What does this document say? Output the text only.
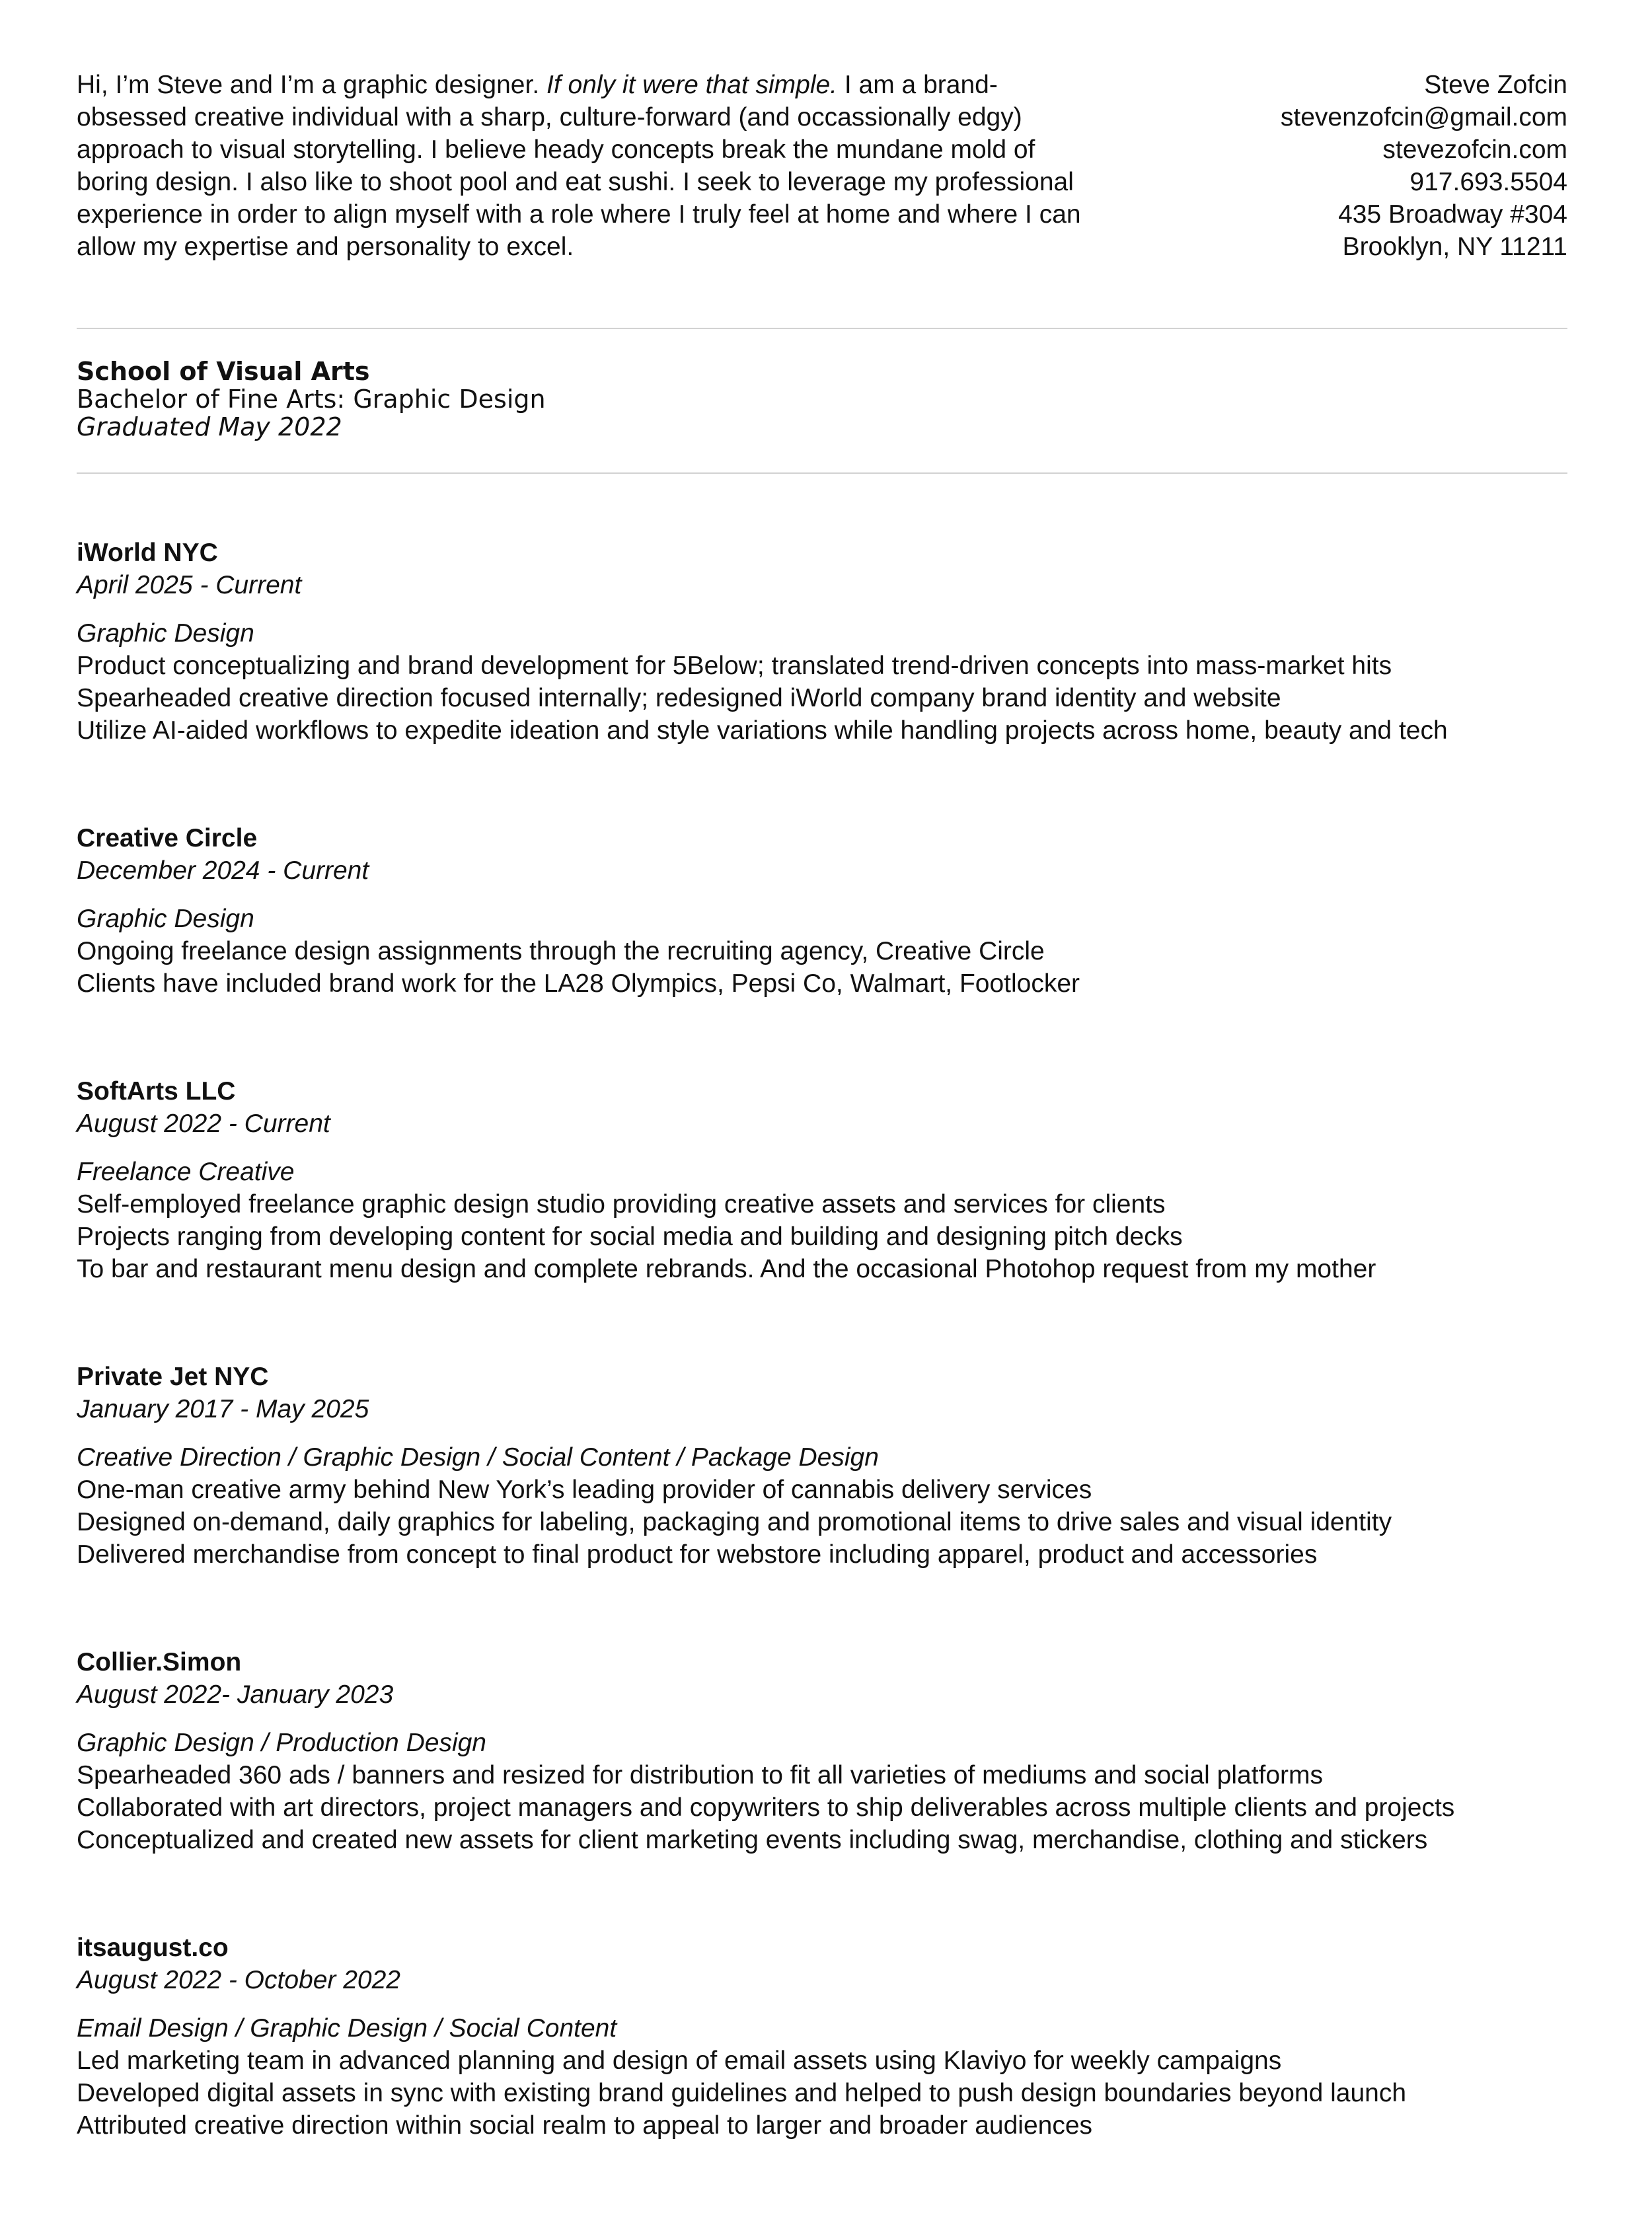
Hi, I’m Steve and I’m a graphic designer. If only it were that simple. I am a brand-obsessed creative individual with a sharp, culture-forward (and occassionally edgy) approach to visual storytelling. I believe heady concepts break the mundane mold of boring design. I also like to shoot pool and eat sushi. I seek to leverage my professional experience in order to align myself with a role where I truly feel at home and where I can allow my expertise and personality to excel.

Steve Zofcin
stevenzofcin@gmail.com
stevezofcin.com
917.693.5504
435 Broadway #304
Brooklyn, NY 11211
School of Visual Arts
Bachelor of Fine Arts: Graphic Design
Graduated May 2022
iWorld NYC
April 2025 - Current
Graphic Design
Product conceptualizing and brand development for 5Below; translated trend-driven concepts into mass-market hits
Spearheaded creative direction focused internally; redesigned iWorld company brand identity and website
Utilize AI-aided workflows to expedite ideation and style variations while handling projects across home, beauty and tech
Creative Circle
December 2024 - Current
Graphic Design
Ongoing freelance design assignments through the recruiting agency, Creative Circle
Clients have included brand work for the LA28 Olympics, Pepsi Co, Walmart, Footlocker
SoftArts LLC
August 2022 - Current
Freelance Creative
Self-employed freelance graphic design studio providing creative assets and services for clients
Projects ranging from developing content for social media and building and designing pitch decks
To bar and restaurant menu design and complete rebrands. And the occasional Photohop request from my mother
Private Jet NYC
January 2017 - May 2025
Creative Direction / Graphic Design / Social Content / Package Design
One-man creative army behind New York’s leading provider of cannabis delivery services
Designed on-demand, daily graphics for labeling, packaging and promotional items to drive sales and visual identity
Delivered merchandise from concept to final product for webstore including apparel, product and accessories
Collier.Simon
August 2022- January 2023
Graphic Design / Production Design
Spearheaded 360 ads / banners and resized for distribution to fit all varieties of mediums and social platforms
Collaborated with art directors, project managers and copywriters to ship deliverables across multiple clients and projects
Conceptualized and created new assets for client marketing events including swag, merchandise, clothing and stickers
itsaugust.co
August 2022 - October 2022
Email Design / Graphic Design / Social Content
Led marketing team in advanced planning and design of email assets using Klaviyo for weekly campaigns
Developed digital assets in sync with existing brand guidelines and helped to push design boundaries beyond launch
Attributed creative direction within social realm to appeal to larger and broader audiences
